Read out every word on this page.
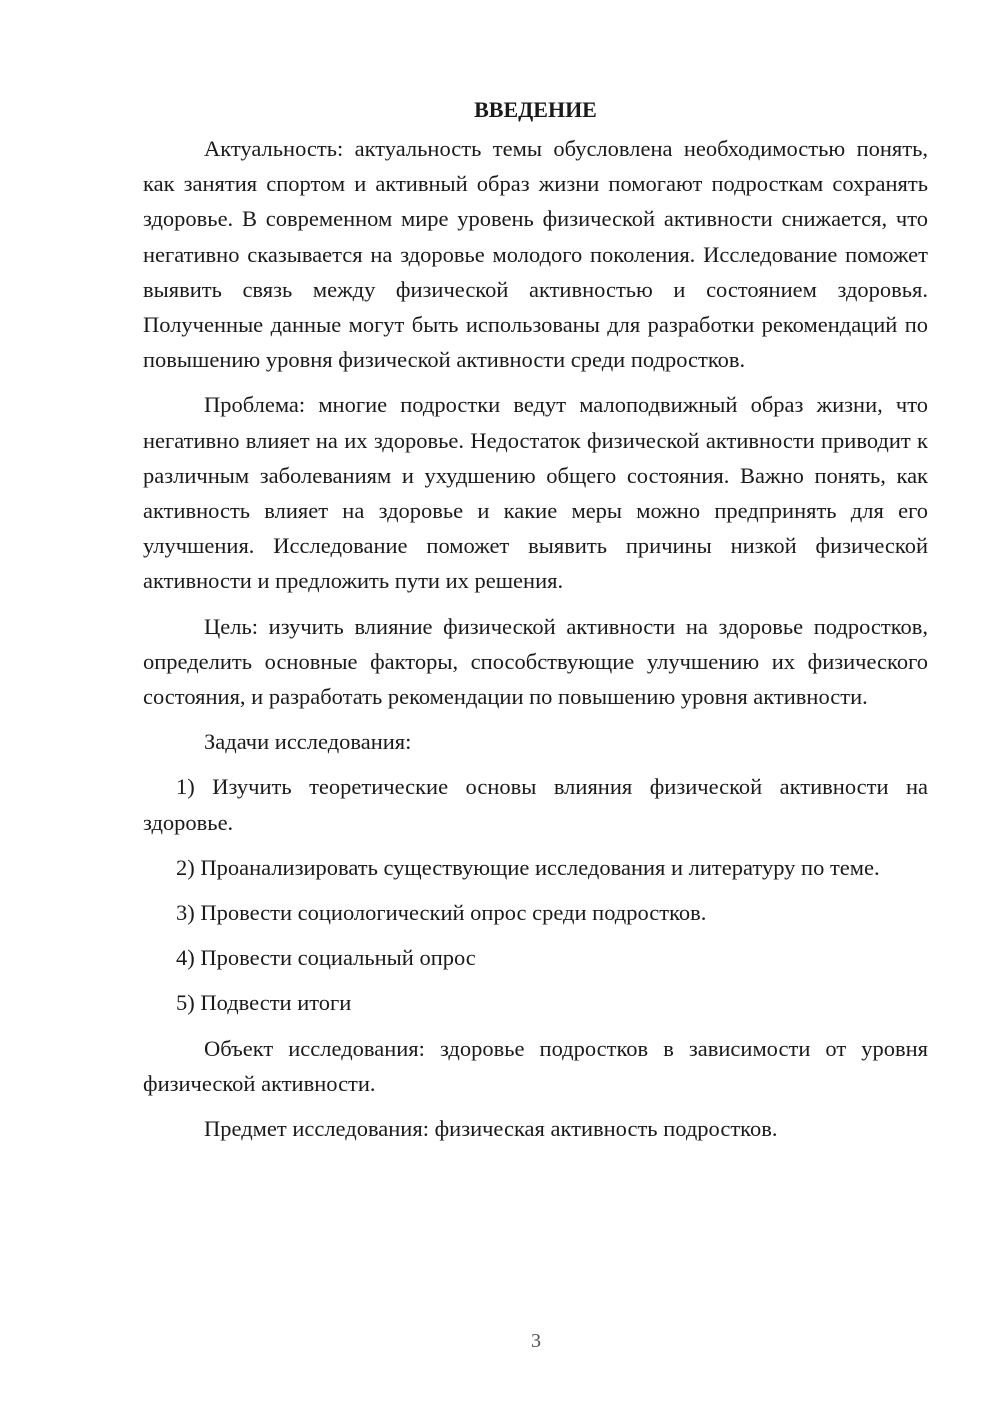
ВВЕДЕНИЕ

Актуальность: актуальность темы обусловлена необходимостью понять, как занятия спортом и активный образ жизни помогают подросткам сохранять здоровье. В современном мире уровень физической активности снижается, что негативно сказывается на здоровье молодого поколения. Исследование поможет выявить связь между физической активностью и состоянием здоровья. Полученные данные могут быть использованы для разработки рекомендаций по повышению уровня физической активности среди подростков.

Проблема: многие подростки ведут малоподвижный образ жизни, что негативно влияет на их здоровье. Недостаток физической активности приводит к различным заболеваниям и ухудшению общего состояния. Важно понять, как активность влияет на здоровье и какие меры можно предпринять для его улучшения. Исследование поможет выявить причины низкой физической активности и предложить пути их решения.

Цель: изучить влияние физической активности на здоровье подростков, определить основные факторы, способствующие улучшению их физического состояния, и разработать рекомендации по повышению уровня активности.

Задачи исследования:

1) Изучить теоретические основы влияния физической активности на здоровье.

2) Проанализировать существующие исследования и литературу по теме.

3) Провести социологический опрос среди подростков.

4) Провести социальный опрос

5) Подвести итоги

Объект исследования: здоровье подростков в зависимости от уровня физической активности.

Предмет исследования: физическая активность подростков.

3
